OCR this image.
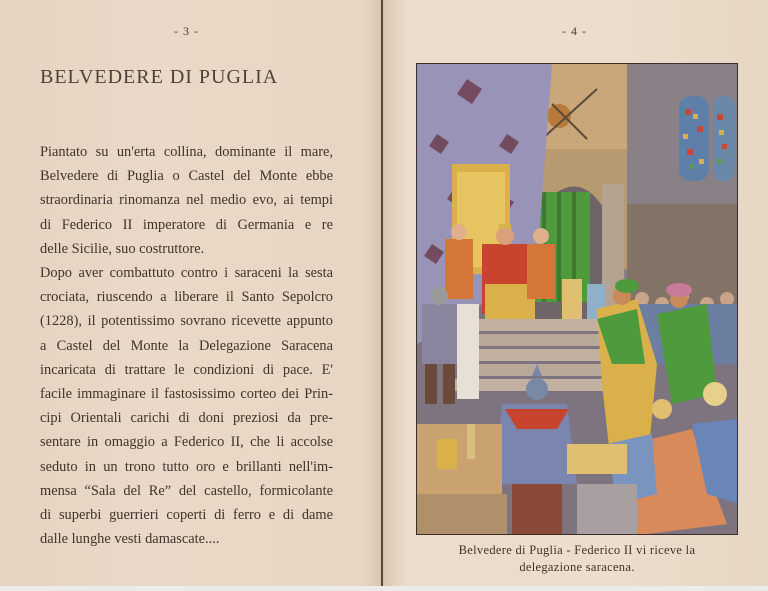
- 3 -	- 4 -
BELVEDERE DI PUGLIA
Piantato su un'erta collina, dominante il mare,
Belvedere di Puglia o Castel del Monte ebbe
straordinaria rinomanza nel medio evo, ai tempi
di Federico II imperatore di Germania e re
delle Sicilie, suo costruttore.
Dopo aver combattuto contro i saraceni la sesta
crociata, riuscendo a liberare il Santo Sepolcro
(1228), il potentissimo sovrano ricevette appunto
a Castel del Monte la Delegazione Saracena
incaricata di trattare le condizioni di pace. E'
facile immaginare il fastosissimo corteo dei Prin-
cipi Orientali carichi di doni preziosi da pre-
sentare in omaggio a Federico II, che li accolse
seduto in un trono tutto oro e brillanti nell'im-
mensa “Sala del Re” del castello, formicolante
di superbi guerrieri coperti di ferro e di dame
dalle lunghe vesti damascate....
Belvedere di Puglia - Federico II vi riceve la
delegazione saracena.
